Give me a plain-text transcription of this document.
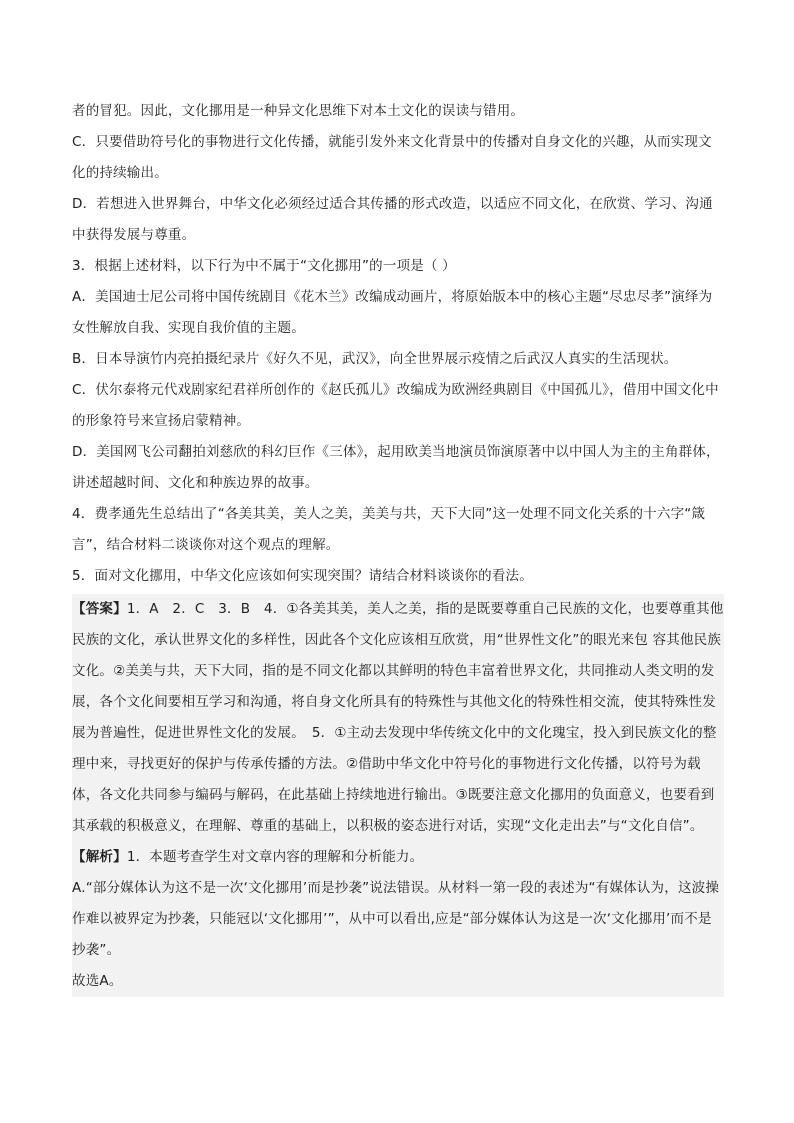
者的冒犯。因此，文化挪用是一种异文化思维下对本土文化的误读与错用。

C．只要借助符号化的事物进行文化传播，就能引发外来文化背景中的传播对自身文化的兴趣，从而实现文化的持续输出。

D．若想进入世界舞台，中华文化必须经过适合其传播的形式改造，以适应不同文化，在欣赏、学习、沟通中获得发展与尊重。

3．根据上述材料，以下行为中不属于“文化挪用”的一项是（ ）

A．美国迪士尼公司将中国传统剧目《花木兰》改编成动画片，将原始版本中的核心主题“尽忠尽孝”演绎为女性解放自我、实现自我价值的主题。

B．日本导演竹内亮拍摄纪录片《好久不见，武汉》，向全世界展示疫情之后武汉人真实的生活现状。

C．伏尔泰将元代戏剧家纪君祥所创作的《赵氏孤儿》改编成为欧洲经典剧目《中国孤儿》，借用中国文化中的形象符号来宣扬启蒙精神。

D．美国网飞公司翻拍刘慈欣的科幻巨作《三体》，起用欧美当地演员饰演原著中以中国人为主的主角群体，讲述超越时间、文化和种族边界的故事。

4．费孝通先生总结出了“各美其美，美人之美，美美与共，天下大同”这一处理不同文化关系的十六字“箴言”，结合材料二谈谈你对这个观点的理解。

5．面对文化挪用，中华文化应该如何实现突围？请结合材料谈谈你的看法。

【答案】1．A　2．C　3．B　4．①各美其美，美人之美，指的是既要尊重自己民族的文化，也要尊重其他民族的文化，承认世界文化的多样性，因此各个文化应该相互欣赏，用“世界性文化”的眼光来包 容其他民族文化。②美美与共，天下大同，指的是不同文化都以其鲜明的特色丰富着世界文化，共同推动人类文明的发展，各个文化间要相互学习和沟通，将自身文化所具有的特殊性与其他文化的特殊性相交流，使其特殊性发展为普遍性，促进世界性文化的发展。　5．①主动去发现中华传统文化中的文化瑰宝，投入到民族文化的整理中来，寻找更好的保护与传承传播的方法。②借助中华文化中符号化的事物进行文化传播，以符号为载体，各文化共同参与编码与解码，在此基础上持续地进行输出。③既要注意文化挪用的负面意义，也要看到其承载的积极意义，在理解、尊重的基础上，以积极的姿态进行对话，实现“文化走出去”与“文化自信”。

【解析】1．本题考查学生对文章内容的理解和分析能力。

A.“部分媒体认为这不是一次‘文化挪用’而是抄袭”说法错误。从材料一第一段的表述为“有媒体认为，这波操作难以被界定为抄袭，只能冠以‘文化挪用’”，从中可以看出,应是“部分媒体认为这是一次‘文化挪用’而不是抄袭”。

故选A。
